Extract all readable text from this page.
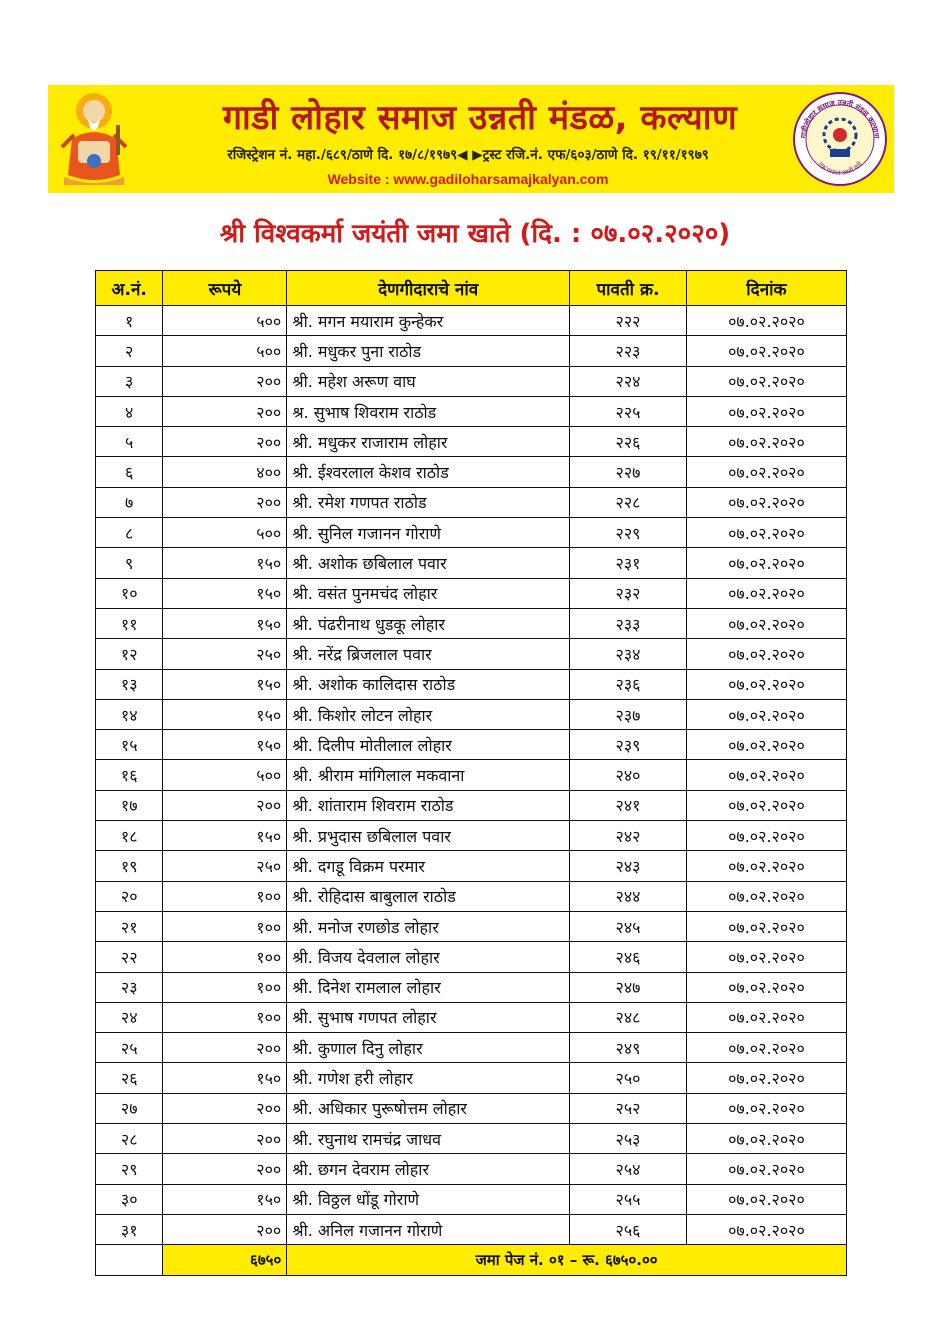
गाडी लोहार समाज उन्नती मंडळ, कल्याण
रजिस्ट्रेशन नं. महा./६८९/ठाणे दि. १७/८/१९७९◀ ▶ट्रस्ट रजि.नं. एफ/६०३/ठाणे दि. १९/११/१९७९
Website : www.gadiloharsamajkalyan.com
गाडीलोहार समाज उन्नती मंडळ कल्याण
एक पाऊल उन्नती कडे
श्री विश्वकर्मा जयंती जमा खाते (दि. : ०७.०२.२०२०)
अ.नं.	रूपये	देणगीदाराचे नांव	पावती क्र.	दिनांक
१	५००	श्री. मगन मयाराम कुन्हेकर	२२२	०७.०२.२०२०
२	५००	श्री. मधुकर पुना राठोड	२२३	०७.०२.२०२०
३	२००	श्री. महेश अरूण वाघ	२२४	०७.०२.२०२०
४	२००	श्र. सुभाष शिवराम राठोड	२२५	०७.०२.२०२०
५	२००	श्री. मधुकर राजाराम लोहार	२२६	०७.०२.२०२०
६	४००	श्री. ईश्वरलाल केशव राठोड	२२७	०७.०२.२०२०
७	२००	श्री. रमेश गणपत राठोड	२२८	०७.०२.२०२०
८	५००	श्री. सुनिल गजानन गोराणे	२२९	०७.०२.२०२०
९	१५०	श्री. अशोक छबिलाल पवार	२३१	०७.०२.२०२०
१०	१५०	श्री. वसंत पुनमचंद लोहार	२३२	०७.०२.२०२०
११	१५०	श्री. पंढरीनाथ धुडकू लोहार	२३३	०७.०२.२०२०
१२	२५०	श्री. नरेंद्र ब्रिजलाल पवार	२३४	०७.०२.२०२०
१३	१५०	श्री. अशोक कालिदास राठोड	२३६	०७.०२.२०२०
१४	१५०	श्री. किशोर लोटन लोहार	२३७	०७.०२.२०२०
१५	१५०	श्री. दिलीप मोतीलाल लोहार	२३९	०७.०२.२०२०
१६	५००	श्री. श्रीराम मांगिलाल मकवाना	२४०	०७.०२.२०२०
१७	२००	श्री. शांताराम शिवराम राठोड	२४१	०७.०२.२०२०
१८	१५०	श्री. प्रभुदास छबिलाल पवार	२४२	०७.०२.२०२०
१९	२५०	श्री. दगडू विक्रम परमार	२४३	०७.०२.२०२०
२०	१००	श्री. रोहिदास बाबुलाल राठोड	२४४	०७.०२.२०२०
२१	१००	श्री. मनोज रणछोड लोहार	२४५	०७.०२.२०२०
२२	१००	श्री. विजय देवलाल लोहार	२४६	०७.०२.२०२०
२३	१००	श्री. दिनेश रामलाल लोहार	२४७	०७.०२.२०२०
२४	१००	श्री. सुभाष गणपत लोहार	२४८	०७.०२.२०२०
२५	२००	श्री. कुणाल दिनु लोहार	२४९	०७.०२.२०२०
२६	१५०	श्री. गणेश हरी लोहार	२५०	०७.०२.२०२०
२७	२००	श्री. अधिकार पुरूषोत्तम लोहार	२५२	०७.०२.२०२०
२८	२००	श्री. रघुनाथ रामचंद्र जाधव	२५३	०७.०२.२०२०
२९	२००	श्री. छगन देवराम लोहार	२५४	०७.०२.२०२०
३०	१५०	श्री. विठ्ठल धोंडू गोराणे	२५५	०७.०२.२०२०
३१	२००	श्री. अनिल गजानन गोराणे	२५६	०७.०२.२०२०
	६७५०	जमा पेज नं. ०१ – रू. ६७५०.००		
